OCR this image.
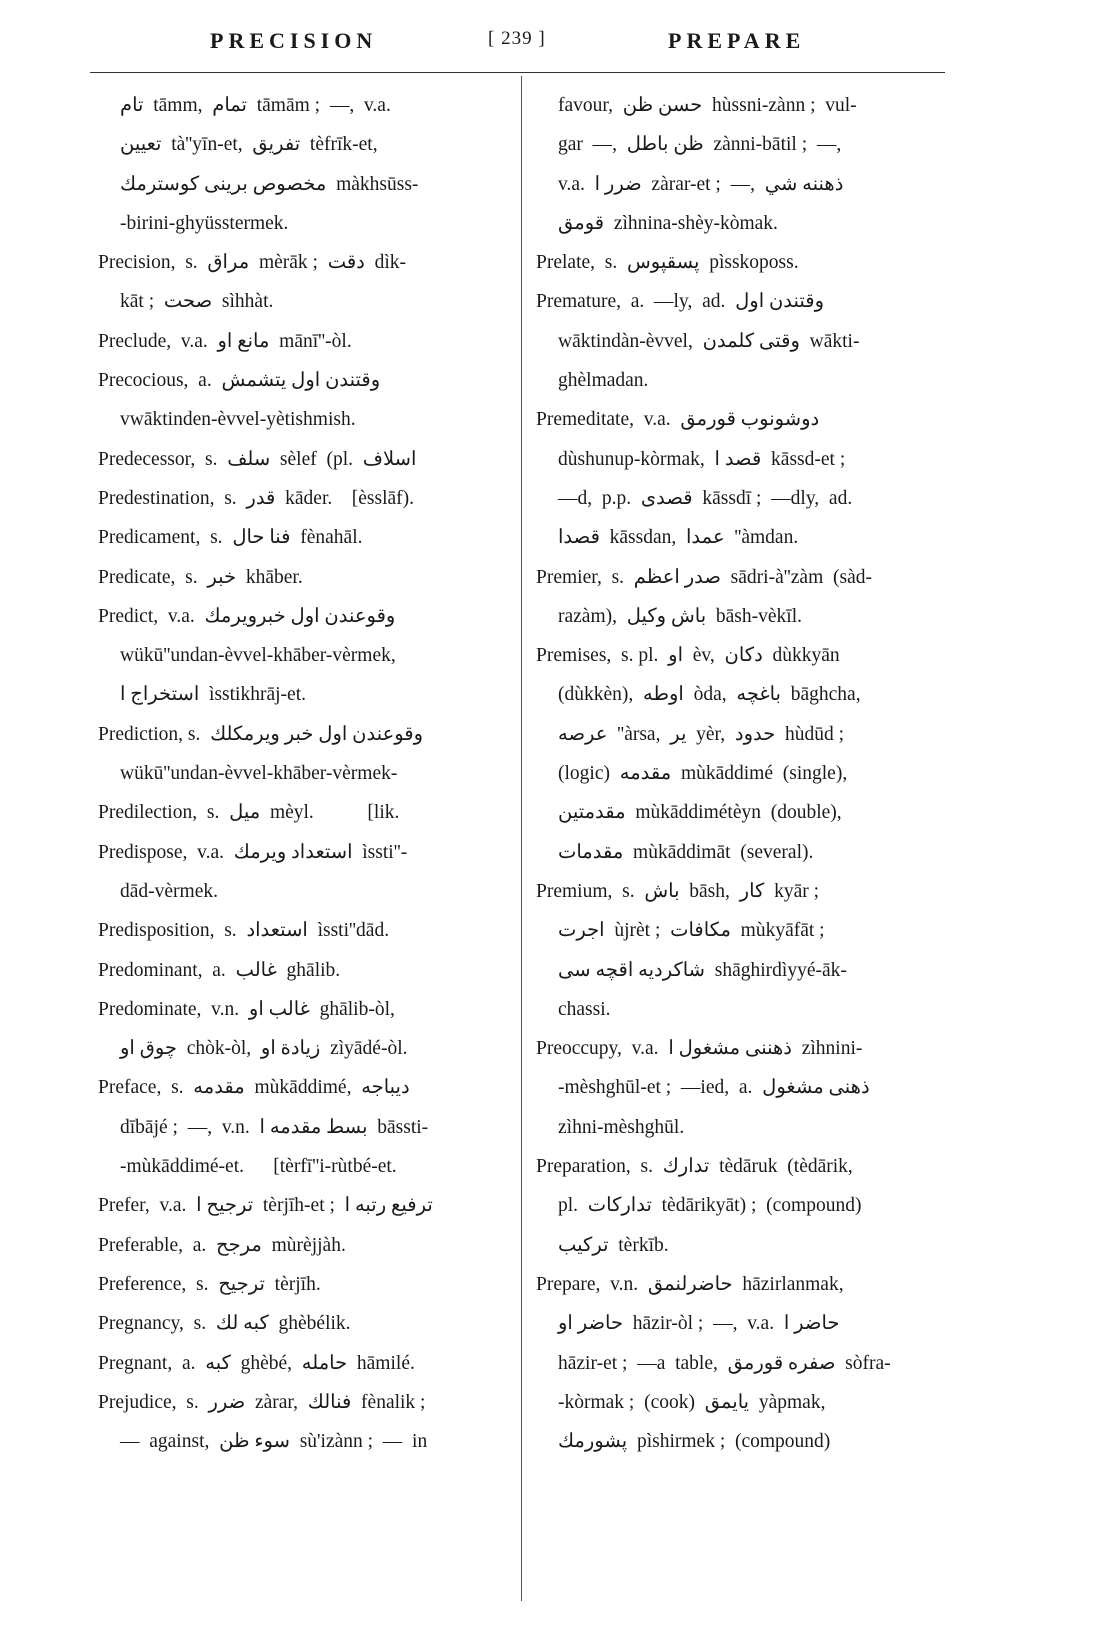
PRECISION	[ 239 ]	PREPARE
تام  tāmm,  تمام  tāmām ;  —,  v.a.
تعيين  tà''yīn-et,  تفريق  tèfrīk-et,
مخصوص برينى كوسترمك  màkhsūss-
-birini-ghyüsstermek.
Precision,  s.  مراق  mèrāk ;  دقت  dìk-
kāt ;  صحت  sìhhàt.
Preclude,  v.a.  مانع او  mānī''-òl.
Precocious,  a.  وقتندن اول يتشمش
vwāktinden-èvvel-yètishmish.
Predecessor,  s.  سلف  sèlef  (pl.  اسلاف
Predestination,  s.  قدر  kāder.    [èsslāf).
Predicament,  s.  فنا حال  fènahāl.
Predicate,  s.  خبر  khāber.
Predict,  v.a.  وقوعندن اول خبرويرمك
wükū''undan-èvvel-khāber-vèrmek,
استخراج ا  ìsstikhrāj-et.
Prediction, s.  وقوعندن اول خبر ويرمكلك
wükū''undan-èvvel-khāber-vèrmek-
Predilection,  s.  ميل  mèyl.           [lik.
Predispose,  v.a.  استعداد ويرمك  ìssti''-
dād-vèrmek.
Predisposition,  s.  استعداد  ìssti''dād.
Predominant,  a.  غالب  ghālib.
Predominate,  v.n.  غالب او  ghālib-òl,
چوق او  chòk-òl,  زيادة او  zìyādé-òl.
Preface,  s.  مقدمه  mùkāddimé,  ديباجه
dībājé ;  —,  v.n.  بسط مقدمه ا  bāssti-
-mùkāddimé-et.      [tèrfī''i-rùtbé-et.
Prefer,  v.a.  ترجيح ا  tèrjīh-et ;  ترفيع رتبه ا
Preferable,  a.  مرجح  mùrèjjàh.
Preference,  s.  ترجيح  tèrjīh.
Pregnancy,  s.  كبه لك  ghèbélik.
Pregnant,  a.  كبه  ghèbé,  حامله  hāmilé.
Prejudice,  s.  ضرر  zàrar,  فنالك  fènalik ;
—  against,  سوء ظن  sù'izànn ;  —  in
favour,  حسن ظن  hùssni-zànn ;  vul-
gar  —,  ظن باطل  zànni-bātil ;  —,
v.a.  ضرر ا  zàrar-et ;  —,  ذهننه شي
قومق  zìhnina-shèy-kòmak.
Prelate,  s.  پسقپوس  pìsskoposs.
Premature,  a.  —ly,  ad.  وقتندن اول
wāktindàn-èvvel,  وقتى كلمدن  wākti-
ghèlmadan.
Premeditate,  v.a.  دوشونوب قورمق
dùshunup-kòrmak,  قصد ا  kāssd-et ;
—d,  p.p.  قصدى  kāssdī ;  —dly,  ad.
قصدا  kāssdan,  عمدا  ''àmdan.
Premier,  s.  صدر اعظم  sādri-à''zàm  (sàd-
razàm),  باش وكيل  bāsh-vèkīl.
Premises,  s. pl.  او  èv,  دكان  dùkkyān
(dùkkèn),  اوطه  òda,  باغچه  bāghcha,
عرصه  ''àrsa,  ير  yèr,  حدود  hùdūd ;
(logic)  مقدمه  mùkāddimé  (single),
مقدمتين  mùkāddimétèyn  (double),
مقدمات  mùkāddimāt  (several).
Premium,  s.  باش  bāsh,  كار  kyār ;
اجرت  ùjrèt ;  مكافات  mùkyāfāt ;
شاكرديه اقچه سى  shāghirdìyyé-āk-
chassi.
Preoccupy,  v.a.  ذهننى مشغول ا  zìhnini-
-mèshghūl-et ;  —ied,  a.  ذهنى مشغول
zìhni-mèshghūl.
Preparation,  s.  تدارك  tèdāruk  (tèdārik,
pl.  تداركات  tèdārikyāt) ;  (compound)
تركيب  tèrkīb.
Prepare,  v.n.  حاضرلنمق  hāzirlanmak,
حاضر او  hāzir-òl ;  —,  v.a.  حاضر ا
hāzir-et ;  —a  table,  صفره قورمق  sòfra-
-kòrmak ;  (cook)  يايمق  yàpmak,
پشورمك  pìshirmek ;  (compound)
